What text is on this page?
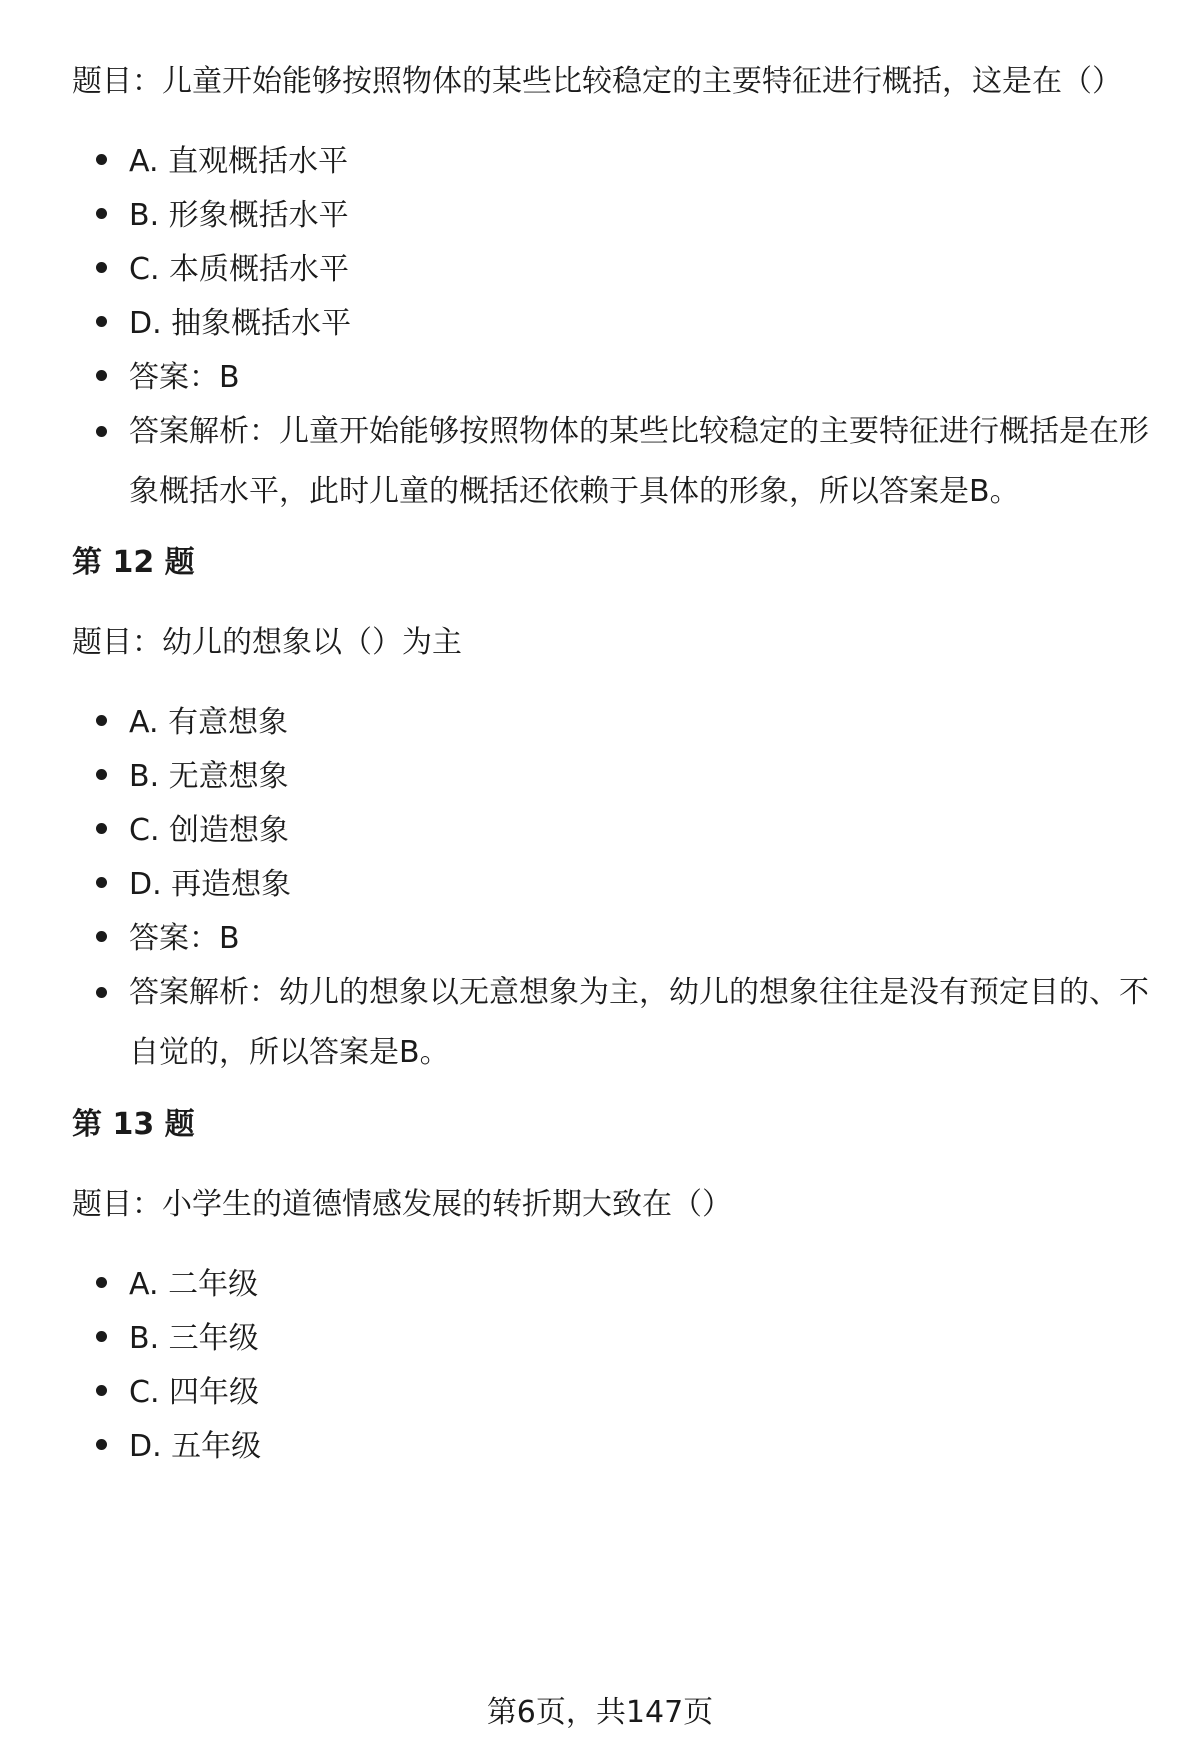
题目：儿童开始能够按照物体的某些比较稳定的主要特征进行概括，这是在（）
A. 直观概括水平
B. 形象概括水平
C. 本质概括水平
D. 抽象概括水平
答案：B
答案解析：儿童开始能够按照物体的某些比较稳定的主要特征进行概括是在形象概括水平，此时儿童的概括还依赖于具体的形象，所以答案是B。
第 12 题
题目：幼儿的想象以（）为主
A. 有意想象
B. 无意想象
C. 创造想象
D. 再造想象
答案：B
答案解析：幼儿的想象以无意想象为主，幼儿的想象往往是没有预定目的、不自觉的，所以答案是B。
第 13 题
题目：小学生的道德情感发展的转折期大致在（）
A. 二年级
B. 三年级
C. 四年级
D. 五年级
第6页，共147页
